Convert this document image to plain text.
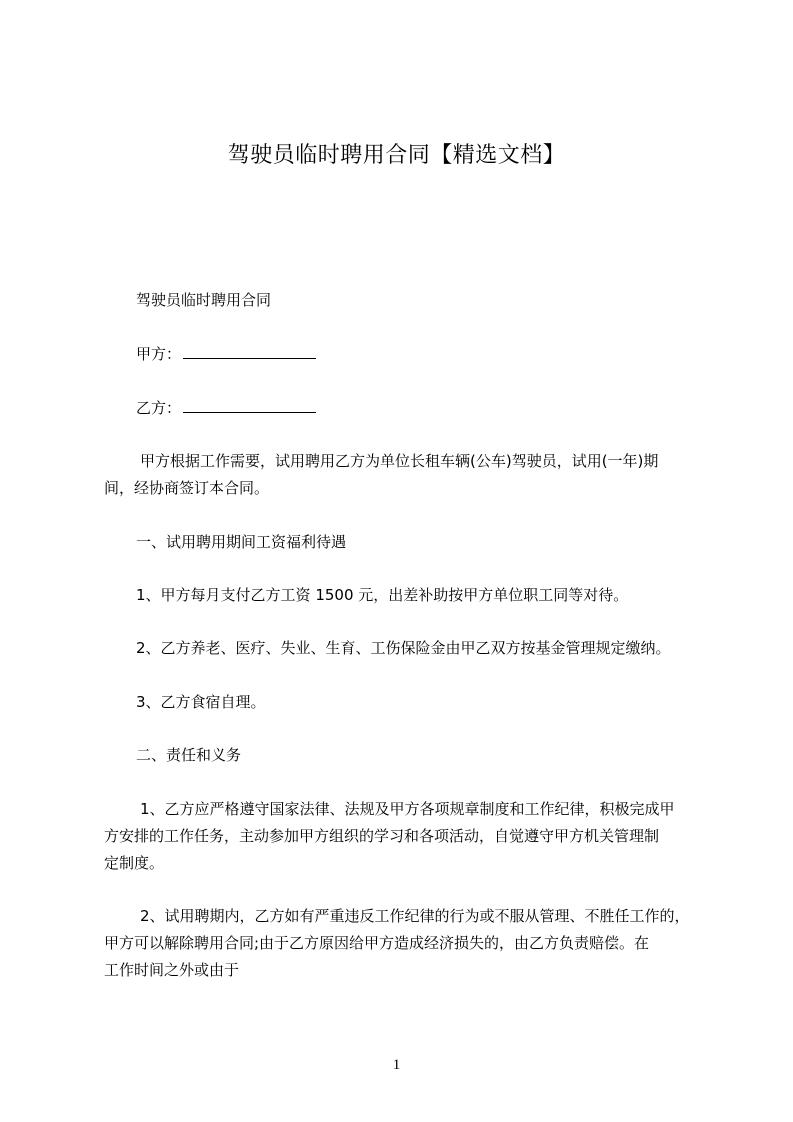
驾驶员临时聘用合同【精选文档】
驾驶员临时聘用合同
甲方：
乙方：
甲方根据工作需要，试用聘用乙方为单位长租车辆(公车)驾驶员，试用(一年)期
间，经协商签订本合同。
一、试用聘用期间工资福利待遇
1、甲方每月支付乙方工资 1500 元，出差补助按甲方单位职工同等对待。
2、乙方养老、医疗、失业、生育、工伤保险金由甲乙双方按基金管理规定缴纳。
3、乙方食宿自理。
二、责任和义务
1、乙方应严格遵守国家法律、法规及甲方各项规章制度和工作纪律，积极完成甲
方安排的工作任务，主动参加甲方组织的学习和各项活动，自觉遵守甲方机关管理制
定制度。
2、试用聘期内，乙方如有严重违反工作纪律的行为或不服从管理、不胜任工作的，
甲方可以解除聘用合同;由于乙方原因给甲方造成经济损失的，由乙方负责赔偿。在
工作时间之外或由于
1
